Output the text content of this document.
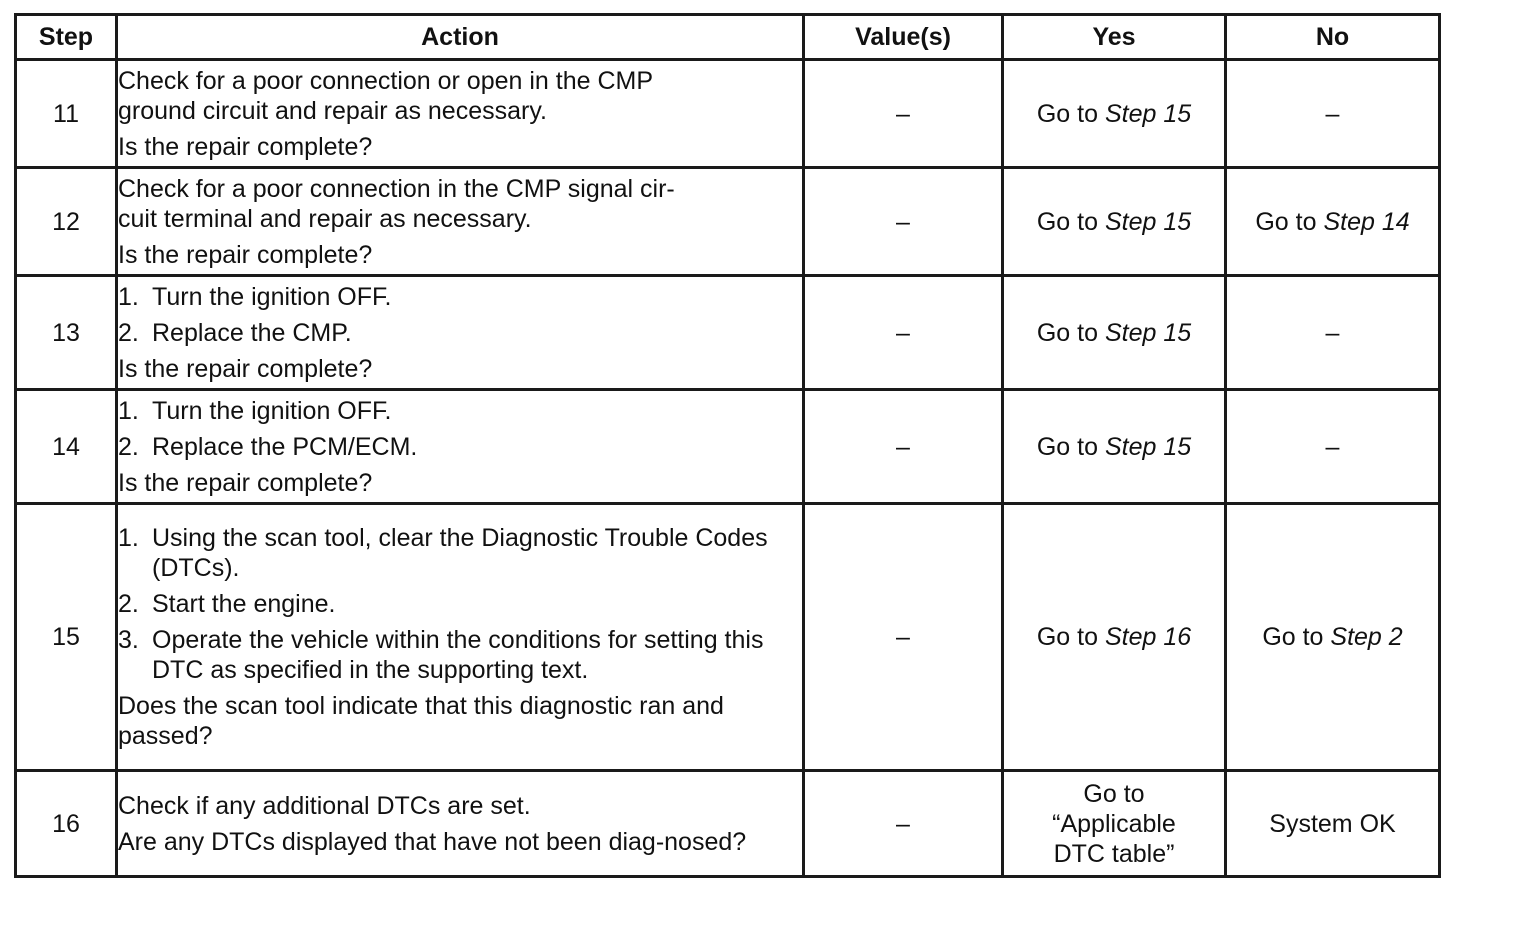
Step	Action	Value(s)	Yes	No
11	Check for a poor connection or open in the CMP
ground circuit and repair as necessary.
Is the repair complete?	–	Go to Step 15	–
12	Check for a poor connection in the CMP signal cir-
cuit terminal and repair as necessary.
Is the repair complete?	–	Go to Step 15	Go to Step 14
13	1. Turn the ignition OFF.
2. Replace the CMP.
Is the repair complete?	–	Go to Step 15	–
14	1. Turn the ignition OFF.
2. Replace the PCM/ECM.
Is the repair complete?	–	Go to Step 15	–
15	1. Using the scan tool, clear the Diagnostic Trouble Codes (DTCs).
2. Start the engine.
3. Operate the vehicle within the conditions for setting this DTC as specified in the supporting text.
Does the scan tool indicate that this diagnostic ran and passed?	–	Go to Step 16	Go to Step 2
16	Check if any additional DTCs are set.
Are any DTCs displayed that have not been diag-nosed?	–	Go to
“Applicable
DTC table”	System OK
